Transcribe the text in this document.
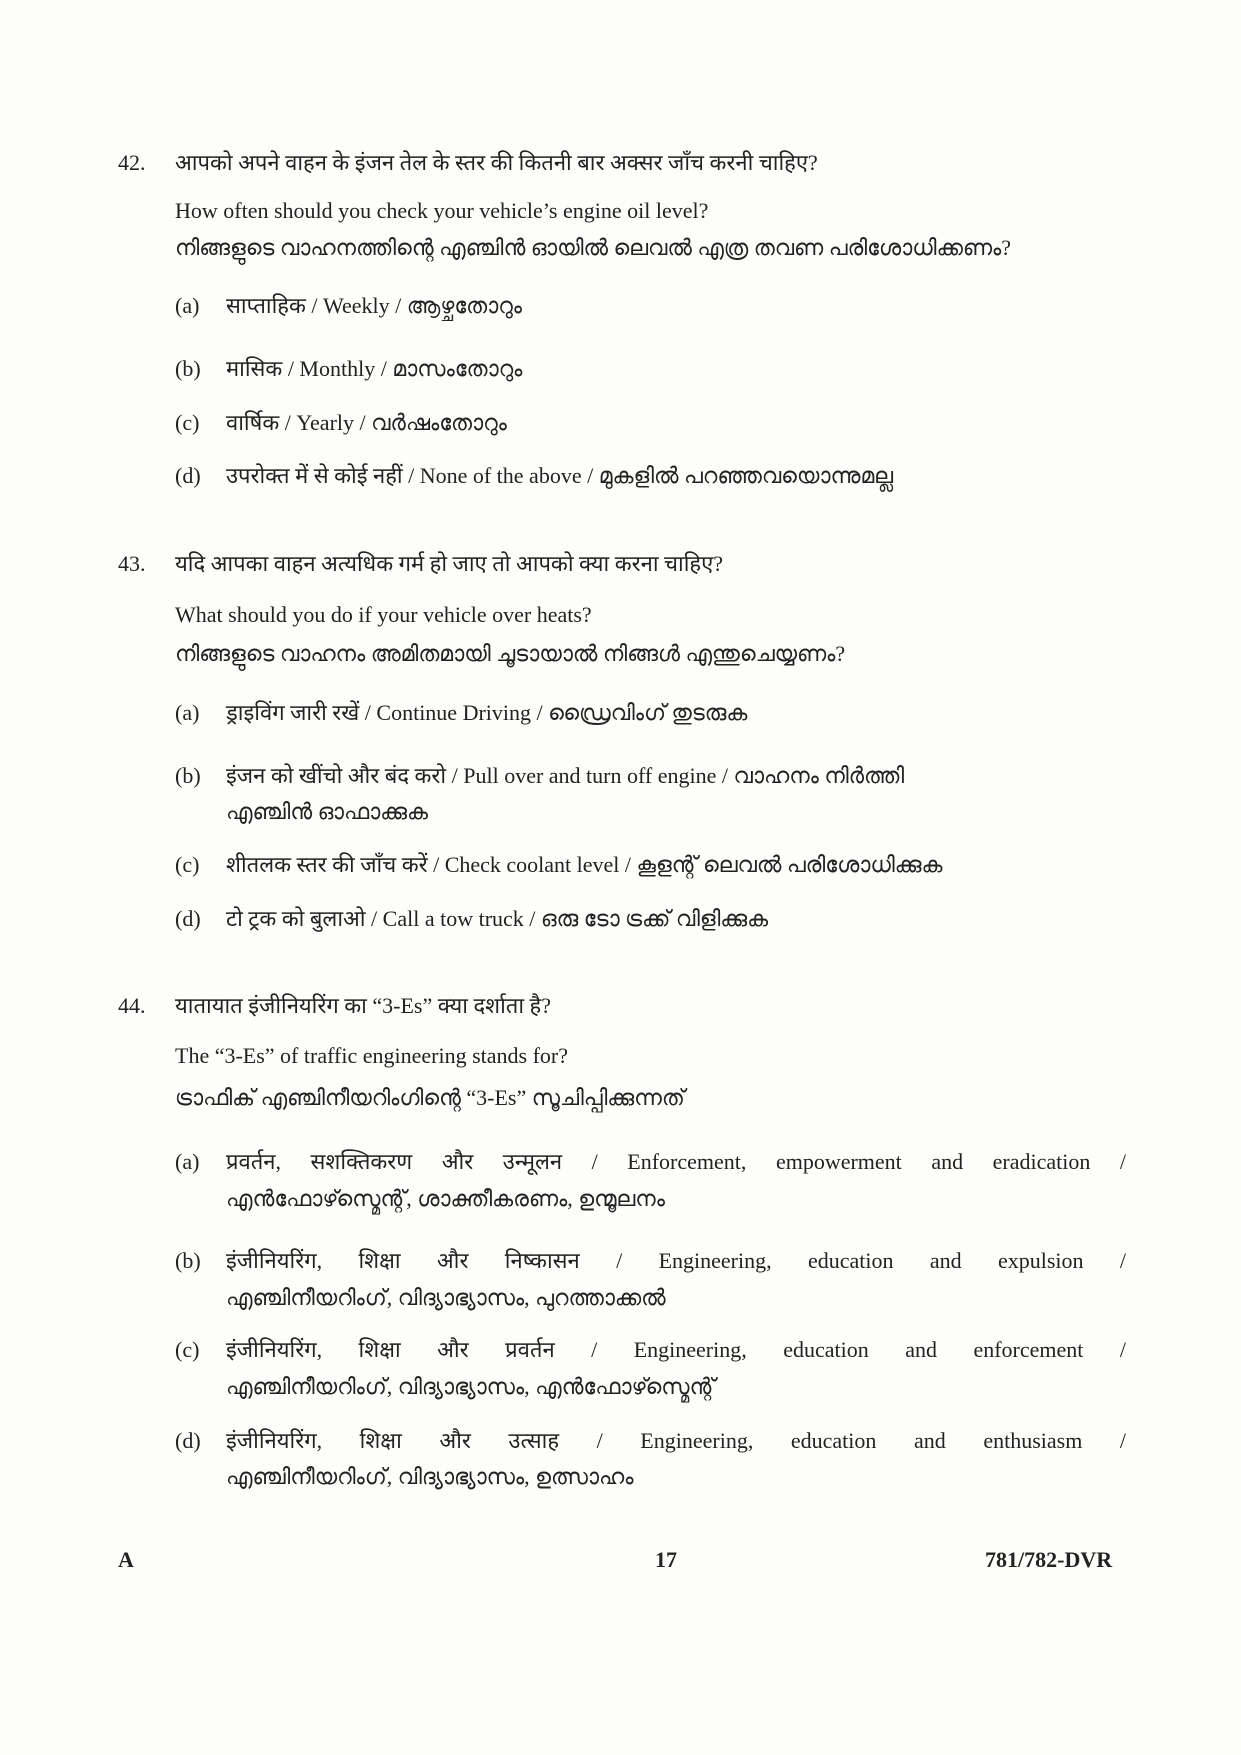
42. आपको अपने वाहन के इंजन तेल के स्तर की कितनी बार अक्सर जाँच करनी चाहिए?
How often should you check your vehicle’s engine oil level?
നിങ്ങളുടെ വാഹനത്തിന്റെ എഞ്ചിൻ ഓയിൽ ലെവൽ എത്ര തവണ പരിശോധിക്കണം?
(a) साप्ताहिक / Weekly / ആഴ്ചതോറും
(b) मासिक / Monthly / മാസംതോറും
(c) वार्षिक / Yearly / വർഷംതോറും
(d) उपरोक्त में से कोई नहीं / None of the above / മുകളിൽ പറഞ്ഞവയൊന്നുമല്ല
43. यदि आपका वाहन अत्यधिक गर्म हो जाए तो आपको क्या करना चाहिए?
What should you do if your vehicle over heats?
നിങ്ങളുടെ വാഹനം അമിതമായി ചൂടായാൽ നിങ്ങൾ എന്തുചെയ്യണം?
(a) ड्राइविंग जारी रखें / Continue Driving / ഡ്രൈവിംഗ് തുടരുക
(b) इंजन को खींचो और बंद करो / Pull over and turn off engine / വാഹനം നിർത്തി
എഞ്ചിൻ ഓഫാക്കുക
(c) शीतलक स्तर की जाँच करें / Check coolant level / കൂളന്റ് ലെവൽ പരിശോധിക്കുക
(d) टो ट्रक को बुलाओ / Call a tow truck / ഒരു ടോ ട്രക്ക് വിളിക്കുക
44. यातायात इंजीनियरिंग का “3-Es” क्या दर्शाता है?
The “3-Es” of traffic engineering stands for?
ട്രാഫിക് എഞ്ചിനീയറിംഗിന്റെ “3-Es” സൂചിപ്പിക്കുന്നത്
(a) प्रवर्तन, सशक्तिकरण और उन्मूलन / Enforcement, empowerment and eradication /
എൻഫോഴ്സ്മെന്റ്, ശാക്തീകരണം, ഉന്മൂലനം
(b) इंजीनियरिंग, शिक्षा और निष्कासन / Engineering, education and expulsion /
എഞ്ചിനീയറിംഗ്, വിദ്യാഭ്യാസം, പുറത്താക്കൽ
(c) इंजीनियरिंग, शिक्षा और प्रवर्तन / Engineering, education and enforcement /
എഞ്ചിനീയറിംഗ്, വിദ്യാഭ്യാസം, എൻഫോഴ്സ്മെന്റ്
(d) इंजीनियरिंग, शिक्षा और उत्साह / Engineering, education and enthusiasm /
എഞ്ചിനീയറിംഗ്, വിദ്യാഭ്യാസം, ഉത്സാഹം
A	17	781/782-DVR
